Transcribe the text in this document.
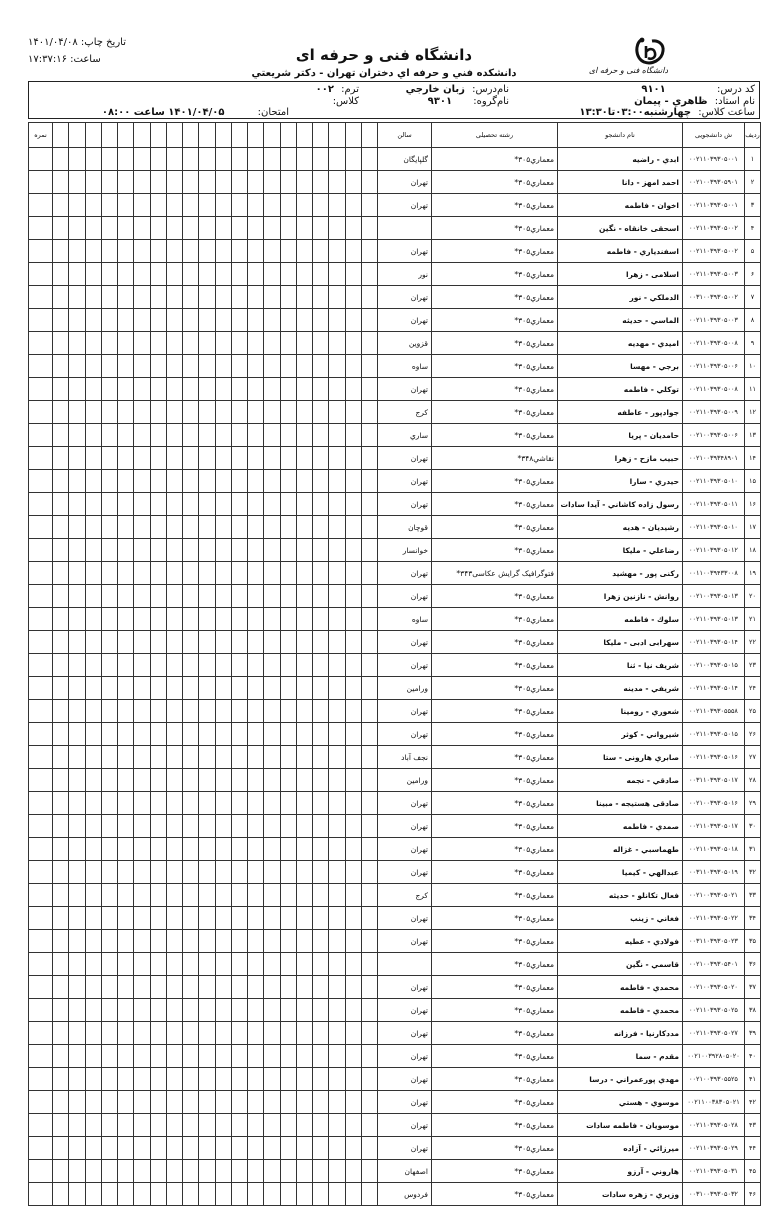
تاریخ چاپ: ۱۴۰۱/۰۴/۰۸
ساعت: ۱۷:۳۷:۱۶
دانشگاه فنی و حرفه ای
دانشگاه فنی و حرفه ای
دانشکده فني و حرفه اي دختران تهران - دكتر شريعتي
کد درس: ۹۱۰۱
نام‌درس: زبان خارجي
ترم: ۰۰۲
نام استاد: ظاهري - پيمان
نام‌گروه: ۹۳۰۱
کلاس:
ساعت کلاس: چهارشنبه۰۳:۰۰تا۱۳:۳۰
امتحان: ۱۴۰۱/۰۴/۰۵ ساعت ۰۸:۰۰
ردیف	ش دانشجویی	نام دانشجو	رشته تحصیلی	سالن																					نمره
۱	۰۰۲۱۱۰۳۹۳۰۵۰۰۱	ابدي - راضیه	معماري۳۰۵*	گلپایگان																					
۲	۰۰۲۱۰۰۳۹۳۰۵۹۰۱	احمد امهز - دانا	معماري۳۰۵*	تهران																					
۳	۰۰۲۱۱۰۳۹۳۰۵۰۰۱	اخوان - فاطمه	معماري۳۰۵*	تهران																					
۴	۰۰۲۱۱۰۳۹۳۰۵۰۰۲	اسحقی خانقاه - نگین	معماري۳۰۵*																						
۵	۰۰۲۱۱۰۳۹۳۰۵۰۰۲	اسفندیاري - فاطمه	معماري۳۰۵*	تهران																					
۶	۰۰۲۱۱۰۳۹۳۰۵۰۰۳	اسلامی - زهرا	معماري۳۰۵*	نور																					
۷	۰۰۳۱۰۰۳۹۳۰۵۰۰۲	الدملکي - نور	معماري۳۰۵*	تهران																					
۸	۰۰۲۱۱۰۳۹۳۰۵۰۰۳	الماسي - حدیثه	معماري۳۰۵*	تهران																					
۹	۰۰۲۱۱۰۳۹۳۰۵۰۰۸	امیدي - مهدیه	معماري۳۰۵*	قزوین																					
۱۰	۰۰۲۱۱۰۳۹۳۰۵۰۰۶	برجي - مهسا	معماري۳۰۵*	ساوه																					
۱۱	۰۰۲۱۱۰۳۹۳۰۵۰۰۸	توکلي - فاطمه	معماري۳۰۵*	تهران																					
۱۲	۰۰۲۱۱۰۳۹۳۰۵۰۰۹	جوادپور - عاطفه	معماري۳۰۵*	کرج																					
۱۳	۰۰۲۱۰۰۳۹۳۰۵۰۰۶	حامدیان - پریا	معماري۳۰۵*	ساري																					
۱۴	۰۰۲۱۰۰۳۹۳۴۸۹۰۱	حبیب مازح - زهرا	نقاشي۳۴۸*	تهران																					
۱۵	۰۰۲۱۱۰۳۹۳۰۵۰۱۰	حیدري - سارا	معماري۳۰۵*	تهران																					
۱۶	۰۰۲۱۱۰۳۹۳۰۵۰۱۱	رسول زاده کاشاني - آیدا سادات	معماري۳۰۵*	تهران																					
۱۷	۰۰۲۱۱۰۳۹۳۰۵۰۱۰	رشیدیان - هدیه	معماري۳۰۵*	قوچان																					
۱۸	۰۰۲۱۱۰۳۹۳۰۵۰۱۲	رضاعلي - ملیکا	معماري۳۰۵*	خوانسار																					
۱۹	۰۰۱۱۰۰۳۹۴۳۳۰۰۸	رکنی پور - مهشید	فتوگرافیک گرایش عکاسی۳۴۳*	تهران																					
۲۰	۰۰۲۱۰۰۳۹۳۰۵۰۱۳	روانش - نازنین زهرا	معماري۳۰۵*	تهران																					
۲۱	۰۰۲۱۱۰۳۹۳۰۵۰۱۳	سلوك - فاطمه	معماري۳۰۵*	ساوه																					
۲۲	۰۰۲۱۱۰۳۹۳۰۵۰۱۴	سهرابی ادبی - ملیکا	معماري۳۰۵*	تهران																					
۲۳	۰۰۲۱۰۰۳۹۳۰۵۰۱۵	شریف نیا - ثنا	معماري۳۰۵*	تهران																					
۲۴	۰۰۲۱۱۰۳۹۳۰۵۰۱۴	شریفي - مدینه	معماري۳۰۵*	ورامین																					
۲۵	۰۰۲۱۱۰۳۹۳۰۵۵۵۸	شعوري - رومینا	معماري۳۰۵*	تهران																					
۲۶	۰۰۲۱۱۰۳۹۳۰۵۰۱۵	شیرواني - کوثر	معماري۳۰۵*	تهران																					
۲۷	۰۰۲۱۱۰۳۹۳۰۵۰۱۶	صابري هارونی - ستا	معماري۳۰۵*	نجف آباد																					
۲۸	۰۰۳۱۱۰۳۹۳۰۵۰۱۷	صادقي - نجمه	معماري۳۰۵*	ورامین																					
۲۹	۰۰۲۱۰۰۳۹۳۰۵۰۱۶	صادقی هستیجه - مبینا	معماري۳۰۵*	تهران																					
۳۰	۰۰۲۱۱۰۳۹۳۰۵۰۱۷	صمدي - فاطمه	معماري۳۰۵*	تهران																					
۳۱	۰۰۲۱۱۰۳۹۳۰۵۰۱۸	طهماسبي - غزاله	معماري۳۰۵*	تهران																					
۳۲	۰۰۳۱۱۰۳۹۳۰۵۰۱۹	عبدالهي - کیمیا	معماري۳۰۵*	تهران																					
۳۳	۰۰۲۱۰۰۳۹۳۰۵۰۲۱	فعال تکانلو - حدیثه	معماري۳۰۵*	کرج																					
۳۴	۰۰۲۱۱۰۳۹۳۰۵۰۲۲	فغاني - زینب	معماري۳۰۵*	تهران																					
۳۵	۰۰۳۱۱۰۳۹۳۰۵۰۲۳	فولادي - عطیه	معماري۳۰۵*	تهران																					
۳۶	۰۰۲۱۰۰۳۹۳۰۵۴۰۱	قاسمي - نگین	معماري۳۰۵*																						
۳۷	۰۰۲۱۰۰۳۹۳۰۵۰۲۰	محمدي - فاطمه	معماري۳۰۵*	تهران																					
۳۸	۰۰۲۱۱۰۳۹۳۰۵۰۲۵	محمدي - فاطمه	معماري۳۰۵*	تهران																					
۳۹	۰۰۲۱۱۰۳۹۳۰۵۰۲۷	مددکارنیا - فرزانه	معماري۳۰۵*	تهران																					
۴۰	۰۰۲۱۰۰۳۹۲۸۰۵۰۲۰	مقدم - سما	معماري۳۰۵*	تهران																					
۴۱	۰۰۲۱۰۰۳۹۳۰۵۵۲۵	مهدي پورعمراني - درسا	معماري۳۰۵*	تهران																					
۴۲	۰۰۲۱۱۰۰۳۸۳۰۵۰۲۱	موسوي - هستي	معماري۳۰۵*	تهران																					
۴۳	۰۰۲۱۱۰۳۹۳۰۵۰۲۸	موسویان - فاطمه سادات	معماري۳۰۵*	تهران																					
۴۴	۰۰۲۱۱۰۳۹۳۰۵۰۲۹	میرزائي - آزاده	معماري۳۰۵*	تهران																					
۴۵	۰۰۲۱۱۰۳۹۳۰۵۰۳۱	هاروني - آرزو	معماري۳۰۵*	اصفهان																					
۴۶	۰۰۳۱۰۰۳۹۳۰۵۰۳۲	وزیري - زهره سادات	معماري۳۰۵*	فردوس																					
